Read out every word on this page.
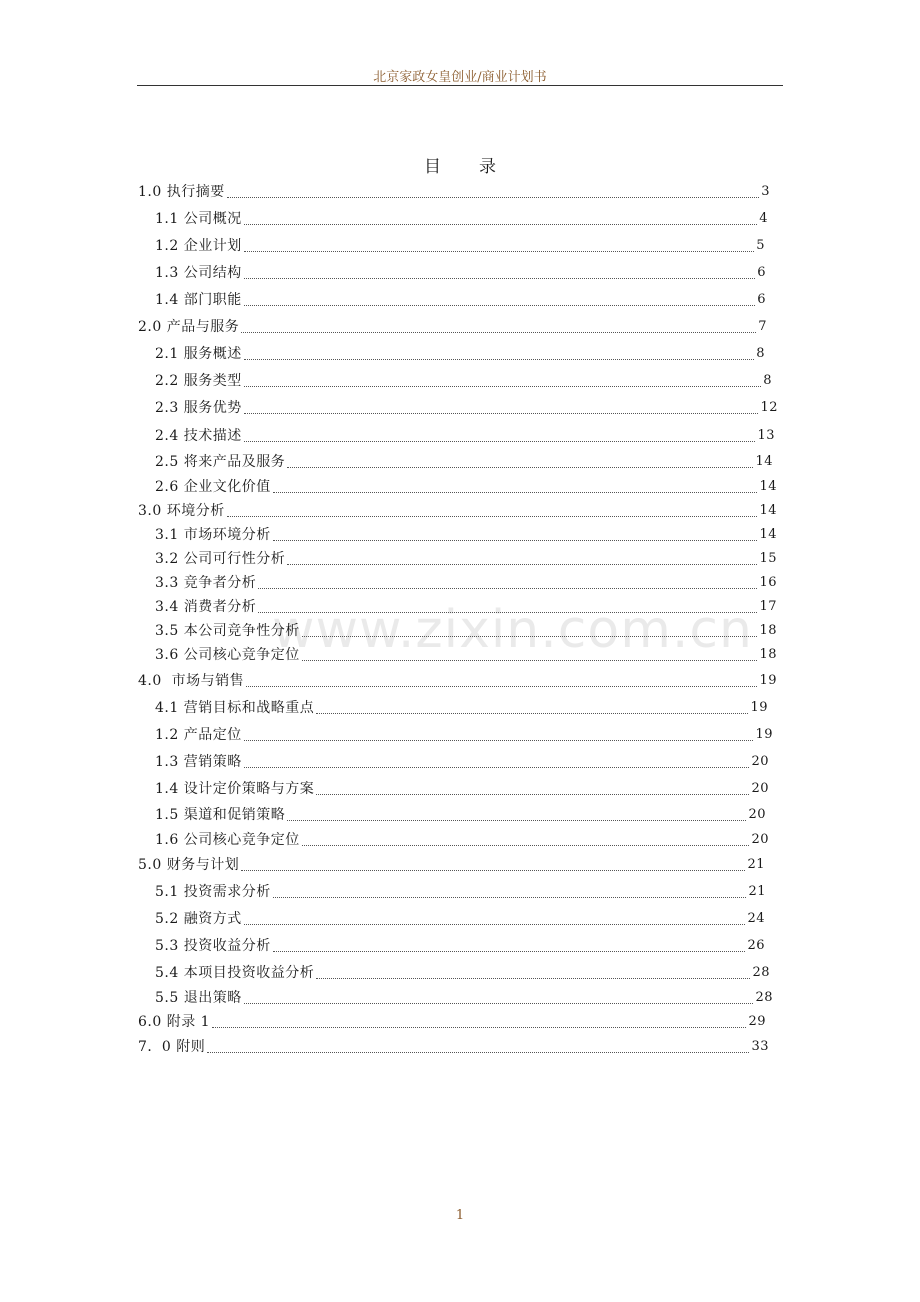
北京家政女皇创业/商业计划书
目录
www.zixin.com.cn
1.0 执行摘要	3
1.1 公司概况	4
1.2 企业计划	5
1.3 公司结构	6
1.4 部门职能	6
2.0 产品与服务	7
2.1 服务概述	8
2.2 服务类型	8
2.3 服务优势	12
2.4 技术描述	13
2.5 将来产品及服务	14
2.6 企业文化价值	14
3.0 环境分析	14
3.1 市场环境分析	14
3.2 公司可行性分析	15
3.3 竞争者分析	16
3.4 消费者分析	17
3.5 本公司竞争性分析	18
3.6 公司核心竞争定位	18
4.0  市场与销售	19
4.1 营销目标和战略重点	19
1.2 产品定位	19
1.3 营销策略	20
1.4 设计定价策略与方案	20
1.5 渠道和促销策略	20
1.6 公司核心竞争定位	20
5.0 财务与计划	21
5.1 投资需求分析	21
5.2 融资方式	24
5.3 投资收益分析	26
5.4 本项目投资收益分析	28
5.5 退出策略	28
6.0 附录 1	29
7．0 附则	33
1
